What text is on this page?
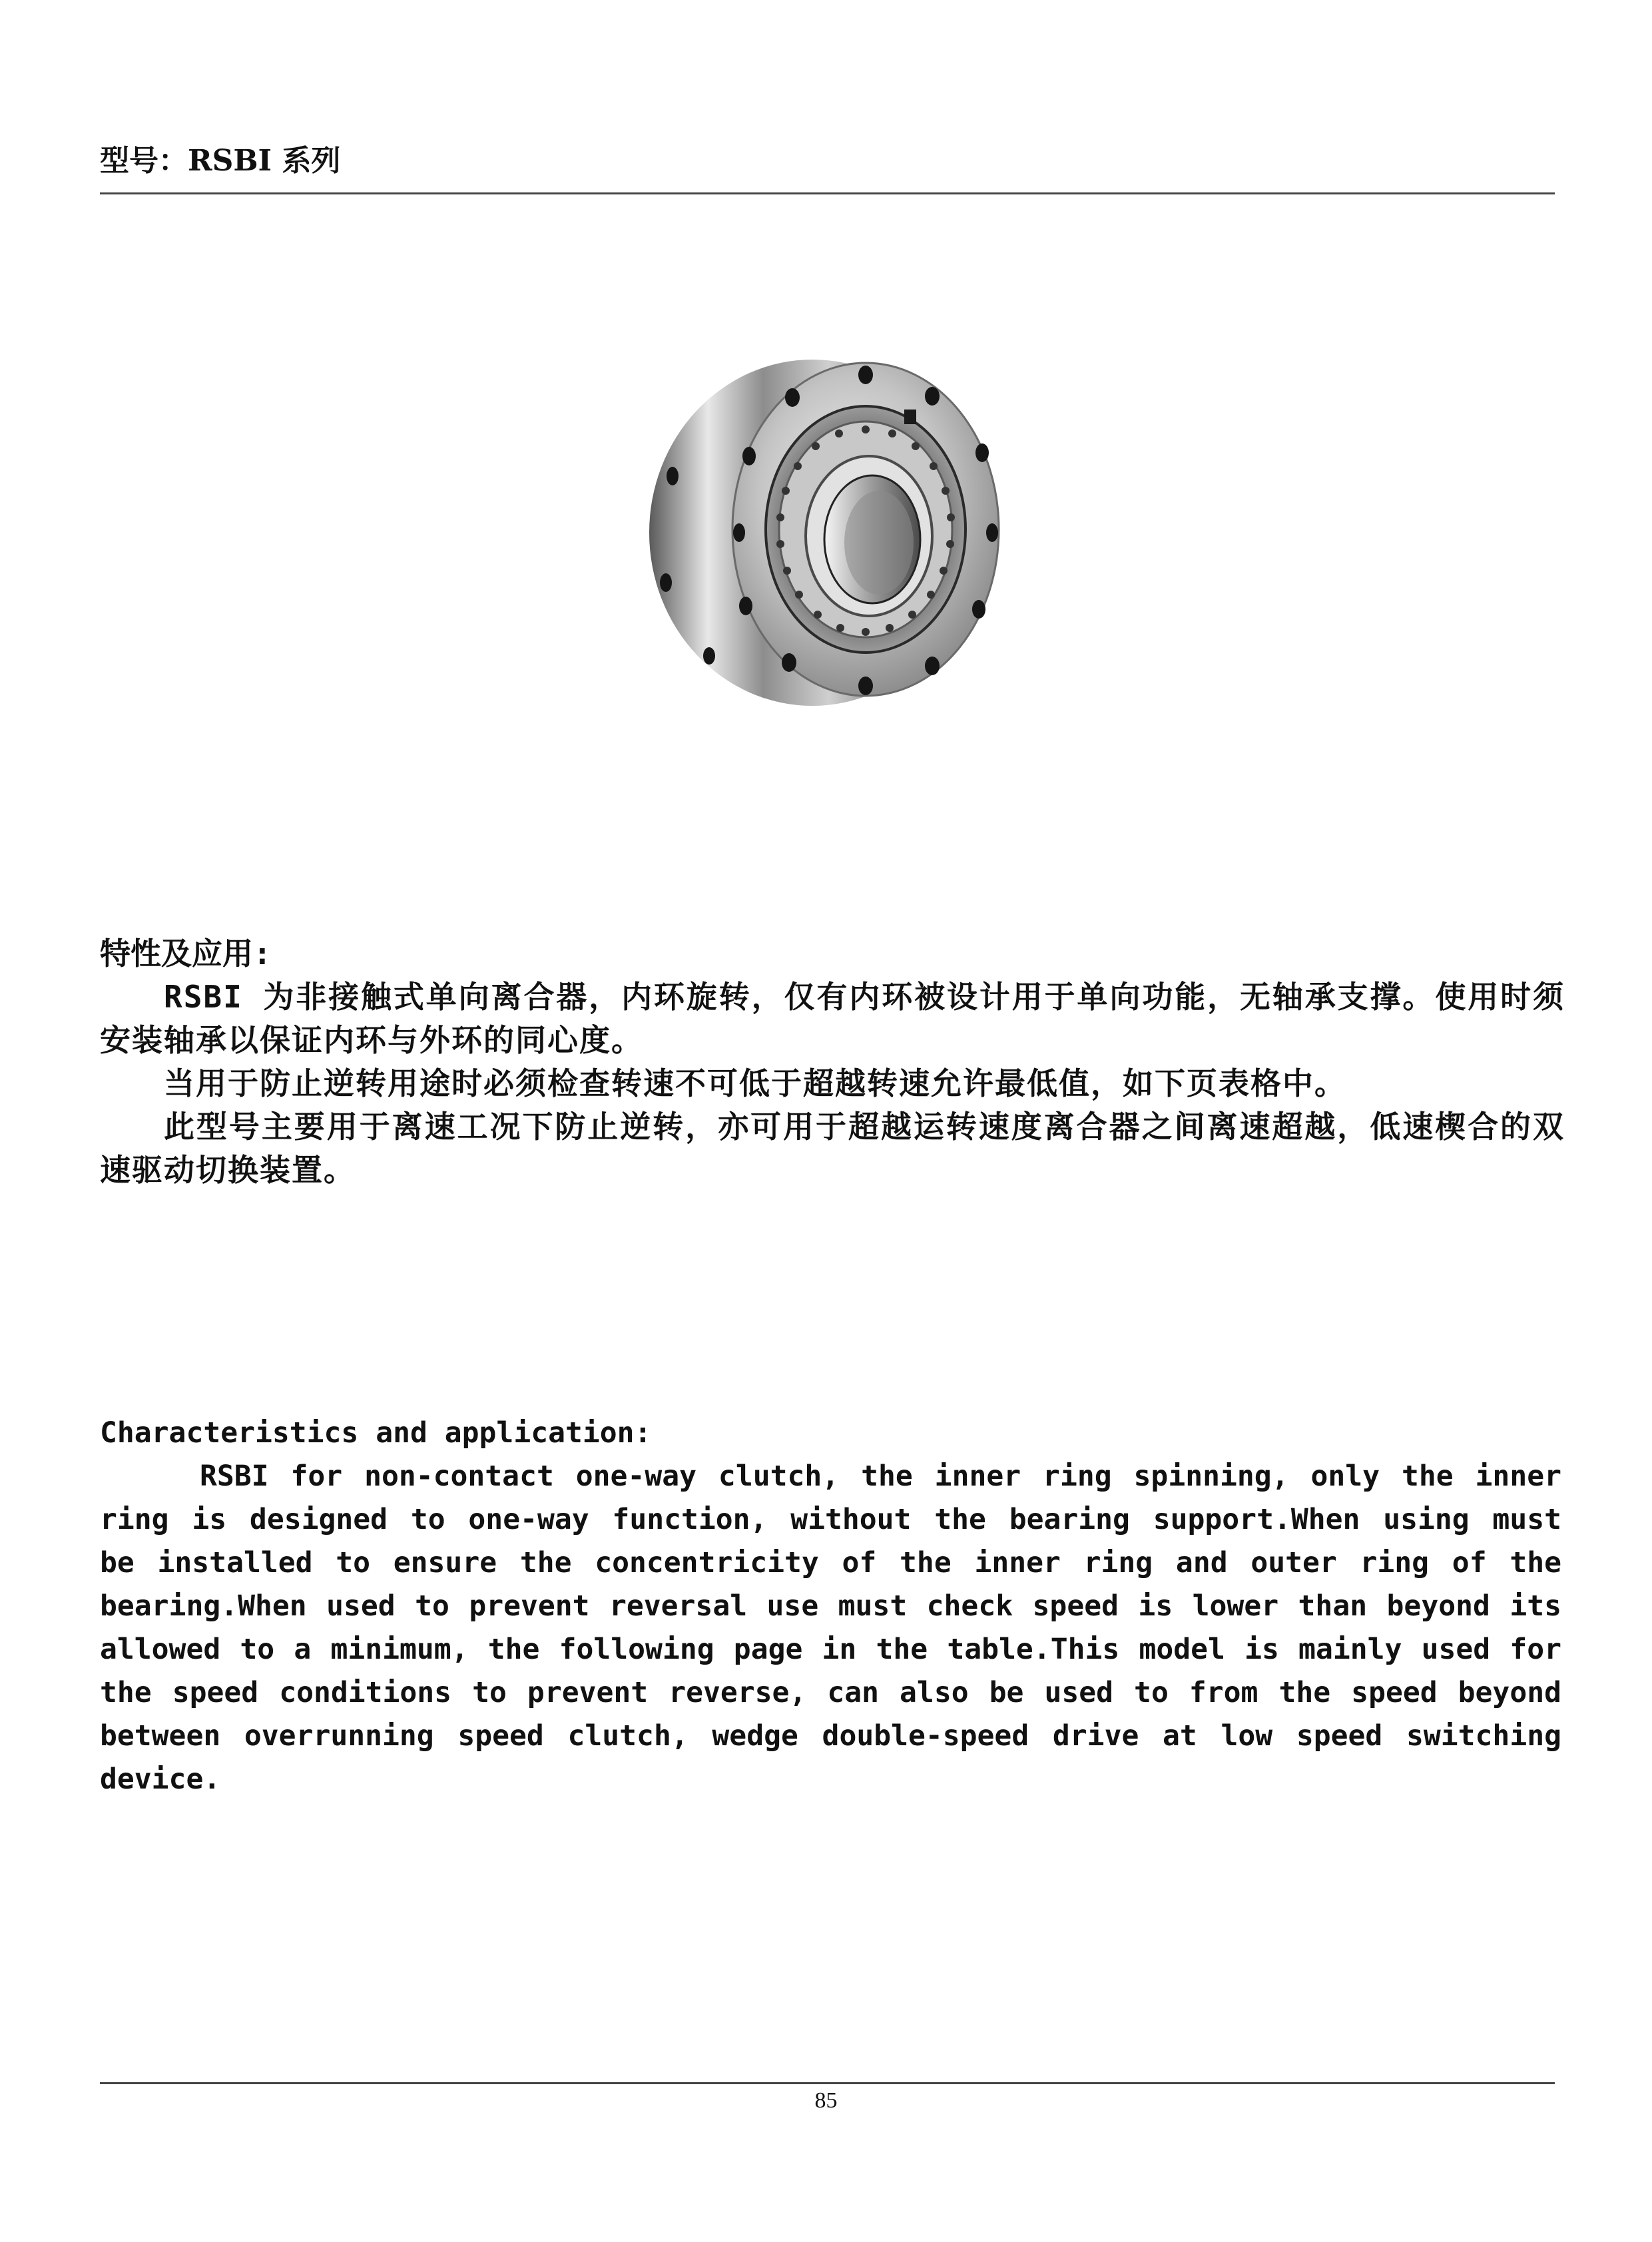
型号：RSBI 系列
特性及应用:

RSBI 为非接触式单向离合器，内环旋转，仅有内环被设计用于单向功能，无轴承支撑。使用时须安装轴承以保证内环与外环的同心度。

当用于防止逆转用途时必须检查转速不可低于超越转速允许最低值，如下页表格中。

此型号主要用于离速工况下防止逆转，亦可用于超越运转速度离合器之间离速超越，低速楔合的双速驱动切换装置。

Characteristics and application:

RSBI for non-contact one-way clutch, the inner ring spinning, only the inner ring is designed to one-way function, without the bearing support.When using must be installed to ensure the concentricity of the inner ring and outer ring of the bearing.When used to prevent reversal use must check speed is lower than beyond its allowed to a minimum, the following page in the table.This model is mainly used for the speed conditions to prevent reverse, can also be used to from the speed beyond between overrunning speed clutch, wedge double-speed drive at low speed switching device.

85
